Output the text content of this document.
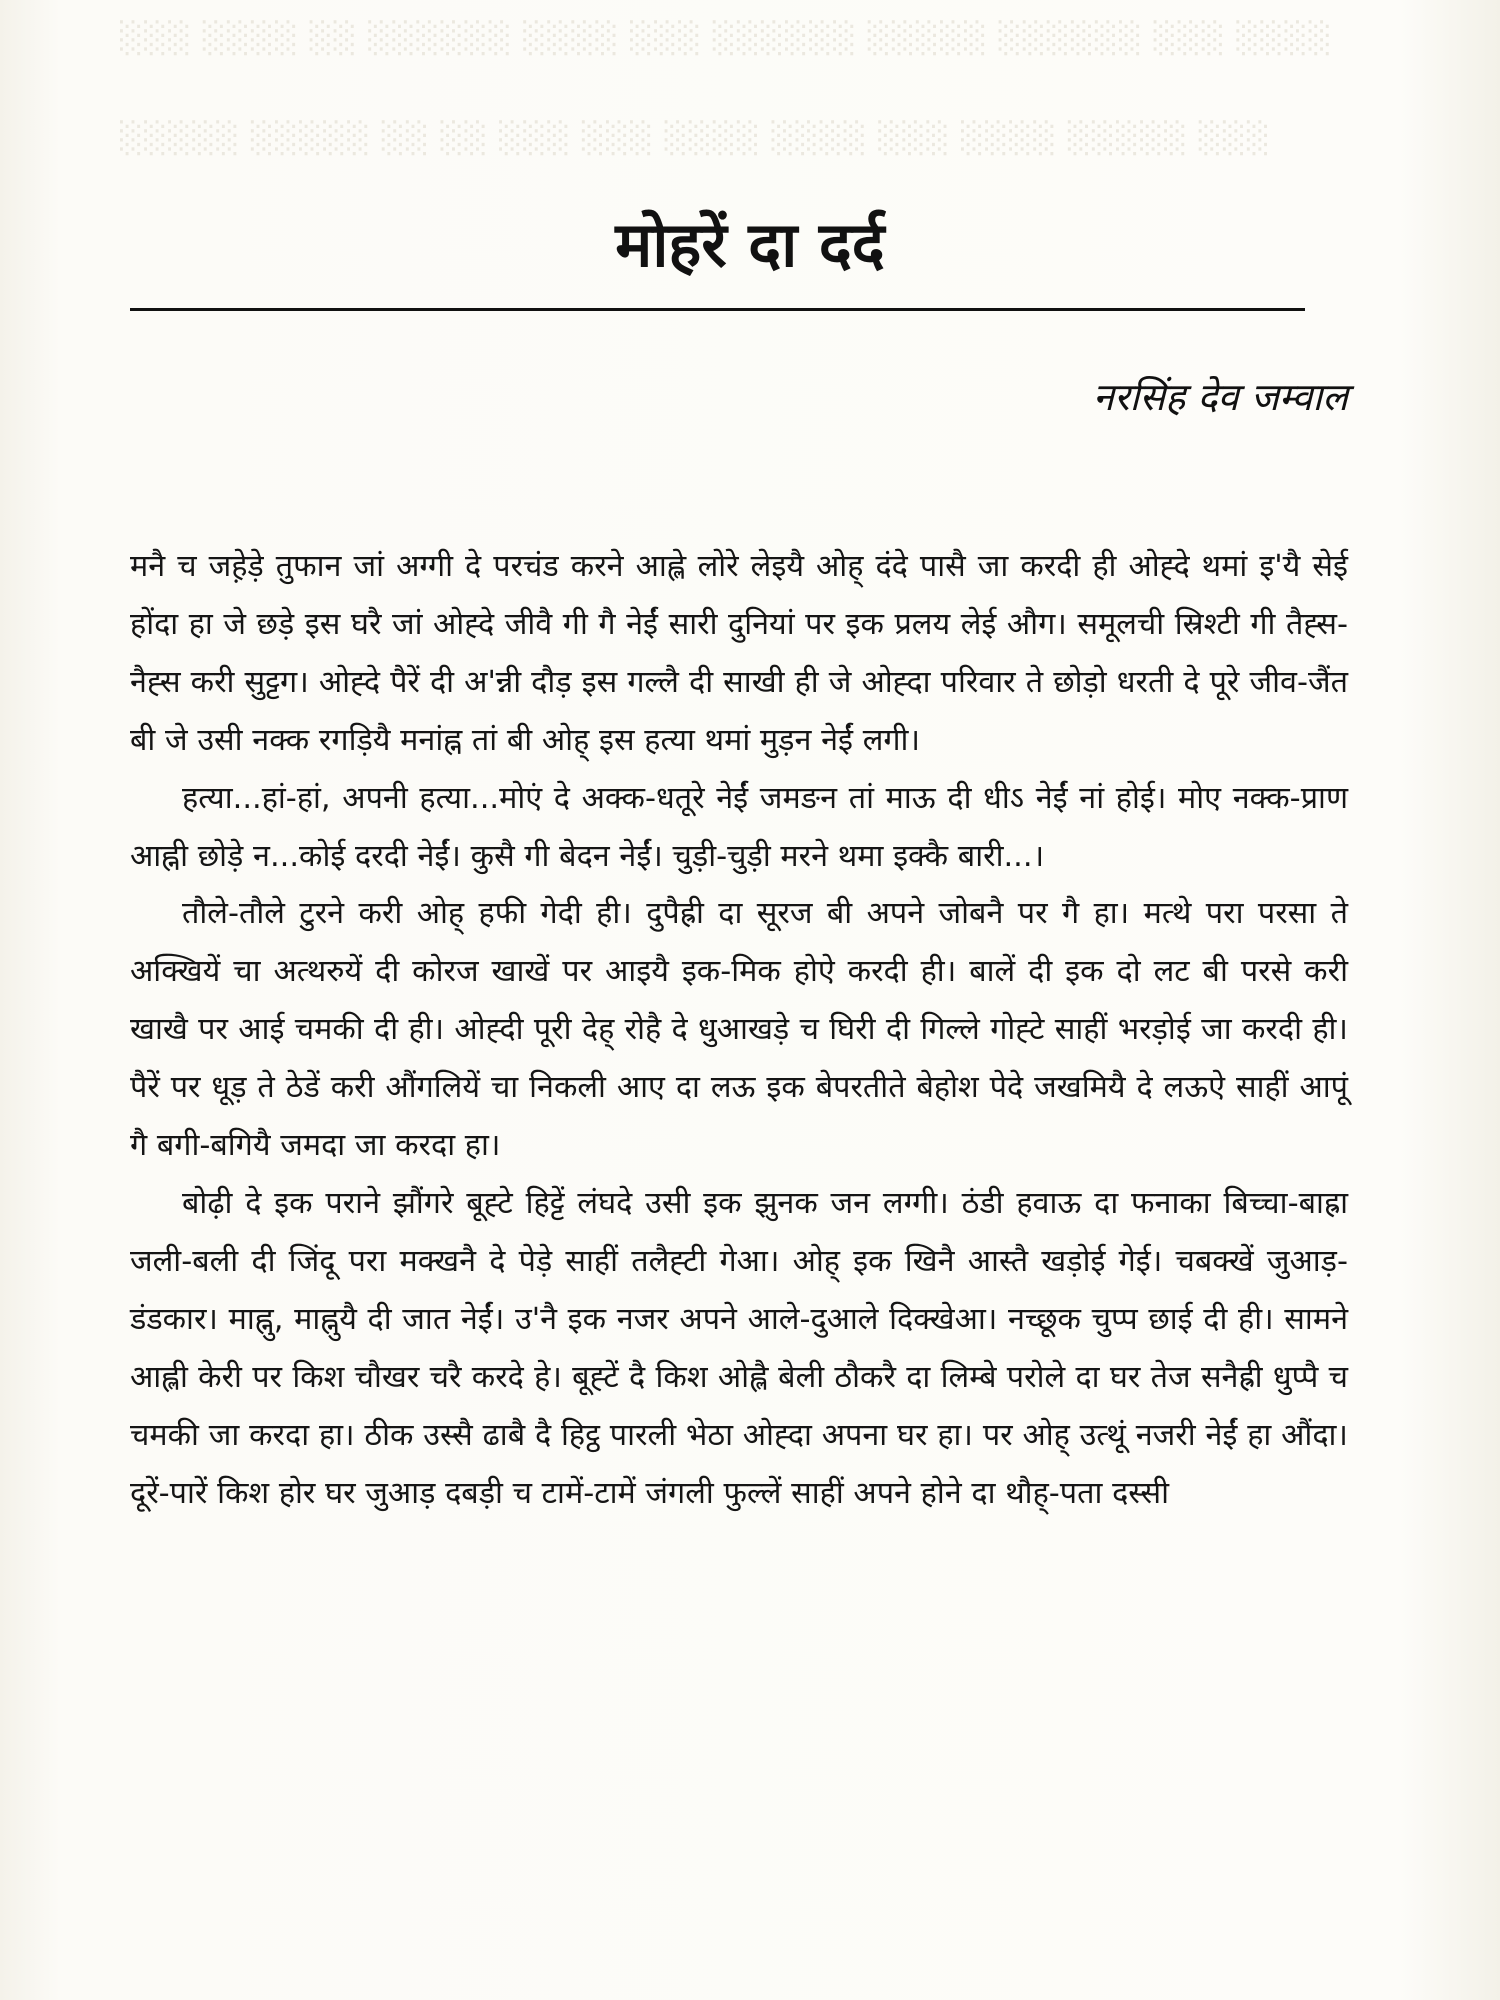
░░░ ░░░░ ░░ ░░░░░░ ░░░░ ░░░ ░░░░░░ ░░░░░ ░░░░░░ ░░░ ░░░░
░░░░░ ░░░░░ ░░ ░░ ░░░ ░░░ ░░░░ ░░░░ ░░░ ░░░░ ░░░░░ ░░░
मोहरें दा दर्द
नरसिंह देव जम्वाल

मनै च जहे़ड़े तुफान जां अग्गी दे परचंड करने आह्ले लोरे लेइयै ओह् दंदे पासै जा करदी ही ओह्दे थमां इ'यै सेई होंदा हा जे छड़े इस घरै जां ओह्दे जीवै गी गै नेईं सारी दुनियां पर इक प्रलय लेई औग। समूलची स्रिश्टी गी तैह्स-नैह्स करी सुट्टग। ओह्दे पैरें दी अ'न्नी दौड़ इस गल्लै दी साखी ही जे ओह्दा परिवार ते छोड़ो धरती दे पूरे जीव-जैंत बी जे उसी नक्क रगड़ियै मनांह्न तां बी ओह् इस हत्या थमां मुड़न नेईं लगी।

हत्या...हां-हां, अपनी हत्या...मोएं दे अक्क-धतूरे नेईं जमङन तां माऊ दी धीऽ नेईं नां होई। मोए नक्क-प्राण आह्नी छोड़े न...कोई दरदी नेईं। कुसै गी बेदन नेईं। चुड़ी-चुड़ी मरने थमा इक्कै बारी...।

तौले-तौले टुरने करी ओह् हफी गेदी ही। दुपैह्री दा सूरज बी अपने जोबनै पर गै हा। मत्थे परा परसा ते अक्खियें चा अत्थरुयें दी कोरज खाखें पर आइयै इक-मिक होऐ करदी ही। बालें दी इक दो लट बी परसे करी खाखै पर आई चमकी दी ही। ओह्दी पूरी देह् रोहै दे धुआखड़े च घिरी दी गिल्ले गोह्टे साहीं भरड़ोई जा करदी ही। पैरें पर धूड़ ते ठेडें करी औंगलियें चा निकली आए दा लऊ इक बेपरतीते बेहोश पेदे जखमियै दे लऊऐ साहीं आपूं गै बगी-बगियै जमदा जा करदा हा।

बोढ़ी दे इक पराने झौंगरे बूह्टे हिट्टें लंघदे उसी इक झुनक जन लग्गी। ठंडी हवाऊ दा फनाका बिच्चा-बाह्रा जली-बली दी जिंदू परा मक्खनै दे पेड़े साहीं तलैह्टी गेआ। ओह् इक खिनै आस्तै खड़ोई गेई। चबक्खें जुआड़-डंडकार। माह्नु, माह्नुयै दी जात नेईं। उ'नै इक नजर अपने आले-दुआले दिक्खेआ। नच्छूक चुप्प छाई दी ही। सामने आह्ली केरी पर किश चौखर चरै करदे हे। बूह्टें दै किश ओह्लै बेली ठौकरै दा लिम्बे परोले दा घर तेज सनैह्री धुप्पै च चमकी जा करदा हा। ठीक उस्सै ढाबै दै हिट्ठ पारली भेठा ओह्दा अपना घर हा। पर ओह् उत्थूं नजरी नेईं हा औंदा। दूरें-पारें किश होर घर जुआड़ दबड़ी च टामें-टामें जंगली फुल्लें साहीं अपने होने दा थौह्-पता दस्सी
